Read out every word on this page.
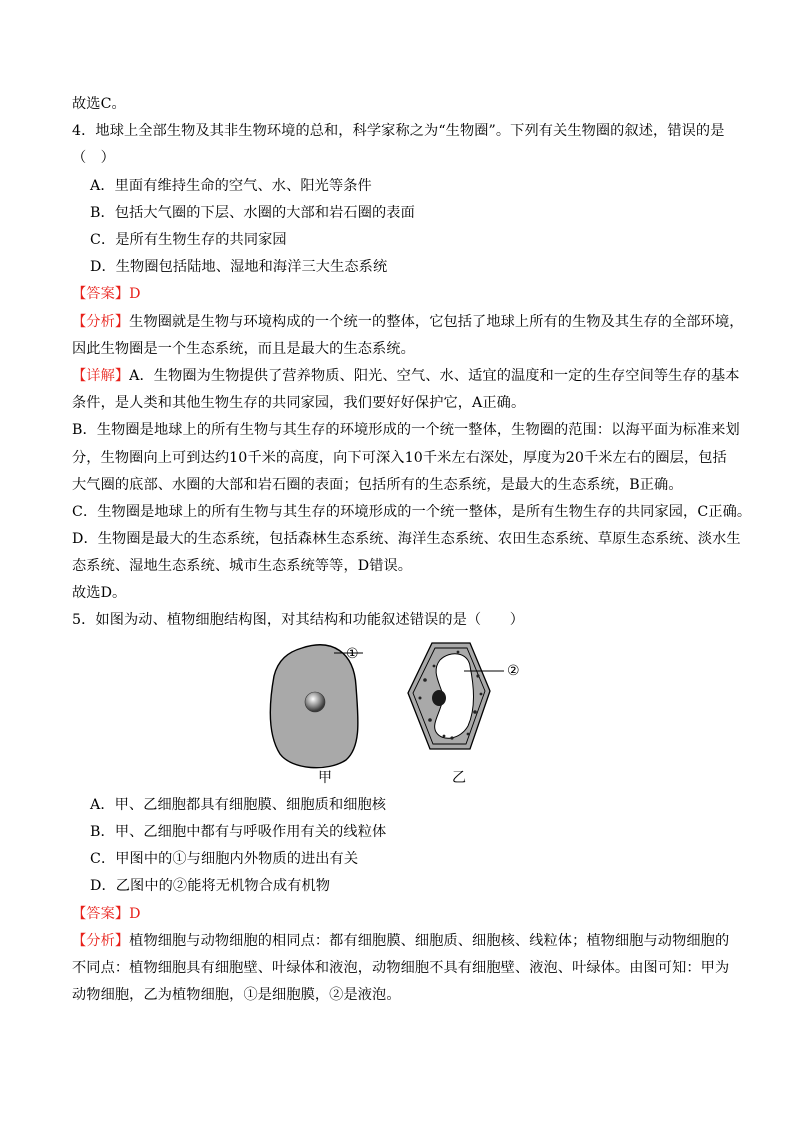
故选C。
4．地球上全部生物及其非生物环境的总和，科学家称之为“生物圈”。下列有关生物圈的叙述，错误的是
（　）
A．里面有维持生命的空气、水、阳光等条件
B．包括大气圈的下层、水圈的大部和岩石圈的表面
C．是所有生物生存的共同家园
D．生物圈包括陆地、湿地和海洋三大生态系统
【答案】D
【分析】生物圈就是生物与环境构成的一个统一的整体，它包括了地球上所有的生物及其生存的全部环境，
因此生物圈是一个生态系统，而且是最大的生态系统。
【详解】A．生物圈为生物提供了营养物质、阳光、空气、水、适宜的温度和一定的生存空间等生存的基本
条件，是人类和其他生物生存的共同家园，我们要好好保护它，A正确。
B．生物圈是地球上的所有生物与其生存的环境形成的一个统一整体，生物圈的范围：以海平面为标准来划
分，生物圈向上可到达约10千米的高度，向下可深入10千米左右深处，厚度为20千米左右的圈层，包括
大气圈的底部、水圈的大部和岩石圈的表面；包括所有的生态系统，是最大的生态系统，B正确。
C．生物圈是地球上的所有生物与其生存的环境形成的一个统一整体，是所有生物生存的共同家园，C正确。
D．生物圈是最大的生态系统，包括森林生态系统、海洋生态系统、农田生态系统、草原生态系统、淡水生
态系统、湿地生态系统、城市生态系统等等，D错误。
故选D。
5．如图为动、植物细胞结构图，对其结构和功能叙述错误的是（　　）
①
②
甲	乙
A．甲、乙细胞都具有细胞膜、细胞质和细胞核
B．甲、乙细胞中都有与呼吸作用有关的线粒体
C．甲图中的①与细胞内外物质的进出有关
D．乙图中的②能将无机物合成有机物
【答案】D
【分析】植物细胞与动物细胞的相同点：都有细胞膜、细胞质、细胞核、线粒体；植物细胞与动物细胞的
不同点：植物细胞具有细胞壁、叶绿体和液泡，动物细胞不具有细胞壁、液泡、叶绿体。由图可知：甲为
动物细胞，乙为植物细胞，①是细胞膜，②是液泡。
